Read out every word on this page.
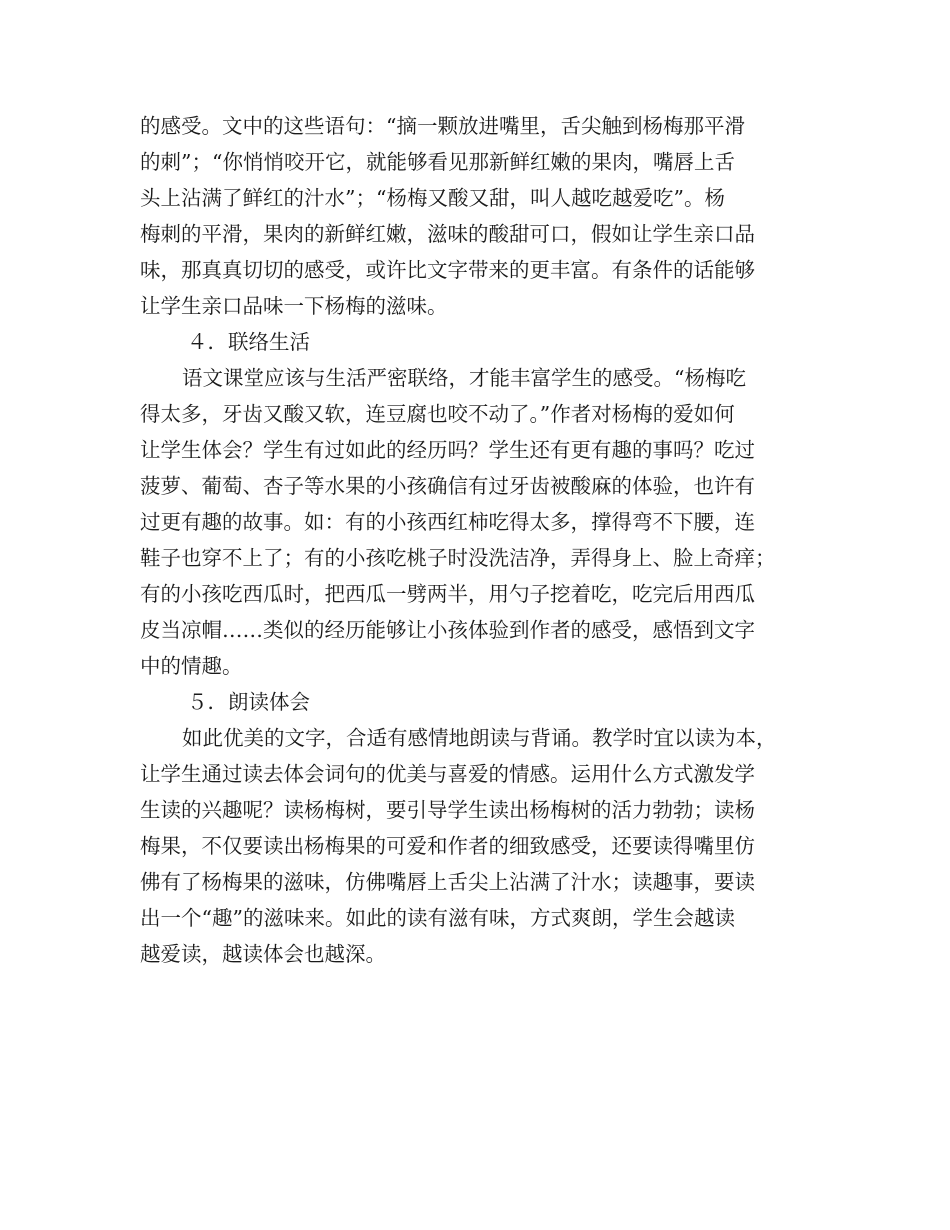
的感受。文中的这些语句：“摘一颗放进嘴里，舌尖触到杨梅那平滑
的刺”；“你悄悄咬开它，就能够看见那新鲜红嫩的果肉，嘴唇上舌
头上沾满了鲜红的汁水”；“杨梅又酸又甜，叫人越吃越爱吃”。杨
梅刺的平滑，果肉的新鲜红嫩，滋味的酸甜可口，假如让学生亲口品
味，那真真切切的感受，或许比文字带来的更丰富。有条件的话能够
让学生亲口品味一下杨梅的滋味。
４．联络生活
语文课堂应该与生活严密联络，才能丰富学生的感受。“杨梅吃
得太多，牙齿又酸又软，连豆腐也咬不动了。”作者对杨梅的爱如何
让学生体会？学生有过如此的经历吗？学生还有更有趣的事吗？吃过
菠萝、葡萄、杏子等水果的小孩确信有过牙齿被酸麻的体验，也许有
过更有趣的故事。如：有的小孩西红柿吃得太多，撑得弯不下腰，连
鞋子也穿不上了；有的小孩吃桃子时没洗洁净，弄得身上、脸上奇痒；
有的小孩吃西瓜时，把西瓜一劈两半，用勺子挖着吃，吃完后用西瓜
皮当凉帽……类似的经历能够让小孩体验到作者的感受，感悟到文字
中的情趣。
５．朗读体会
如此优美的文字，合适有感情地朗读与背诵。教学时宜以读为本，
让学生通过读去体会词句的优美与喜爱的情感。运用什么方式激发学
生读的兴趣呢？读杨梅树，要引导学生读出杨梅树的活力勃勃；读杨
梅果，不仅要读出杨梅果的可爱和作者的细致感受，还要读得嘴里仿
佛有了杨梅果的滋味，仿佛嘴唇上舌尖上沾满了汁水；读趣事，要读
出一个“趣”的滋味来。如此的读有滋有味，方式爽朗，学生会越读
越爱读，越读体会也越深。
